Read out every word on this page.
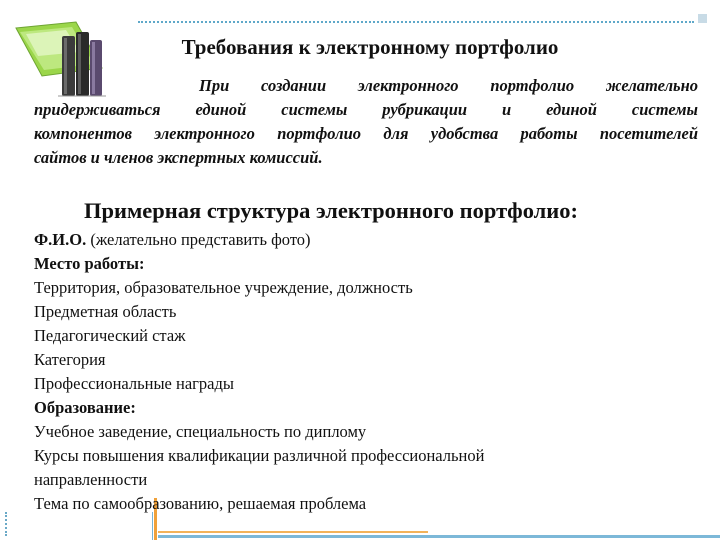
Требования к электронному портфолио

При создании электронного портфолио желательно
придерживаться единой системы рубрикации и единой системы
компонентов электронного портфолио для удобства работы посетителей
сайтов и членов экспертных комиссий.

Примерная структура электронного портфолио:
Ф.И.О. (желательно представить фото)
Место работы:
Территория, образовательное учреждение, должность
Предметная область
Педагогический стаж
Категория
Профессиональные награды
Образование:
Учебное заведение, специальность по диплому
Курсы повышения квалификации различной профессиональной
направленности
Тема по самообразованию, решаемая проблема
